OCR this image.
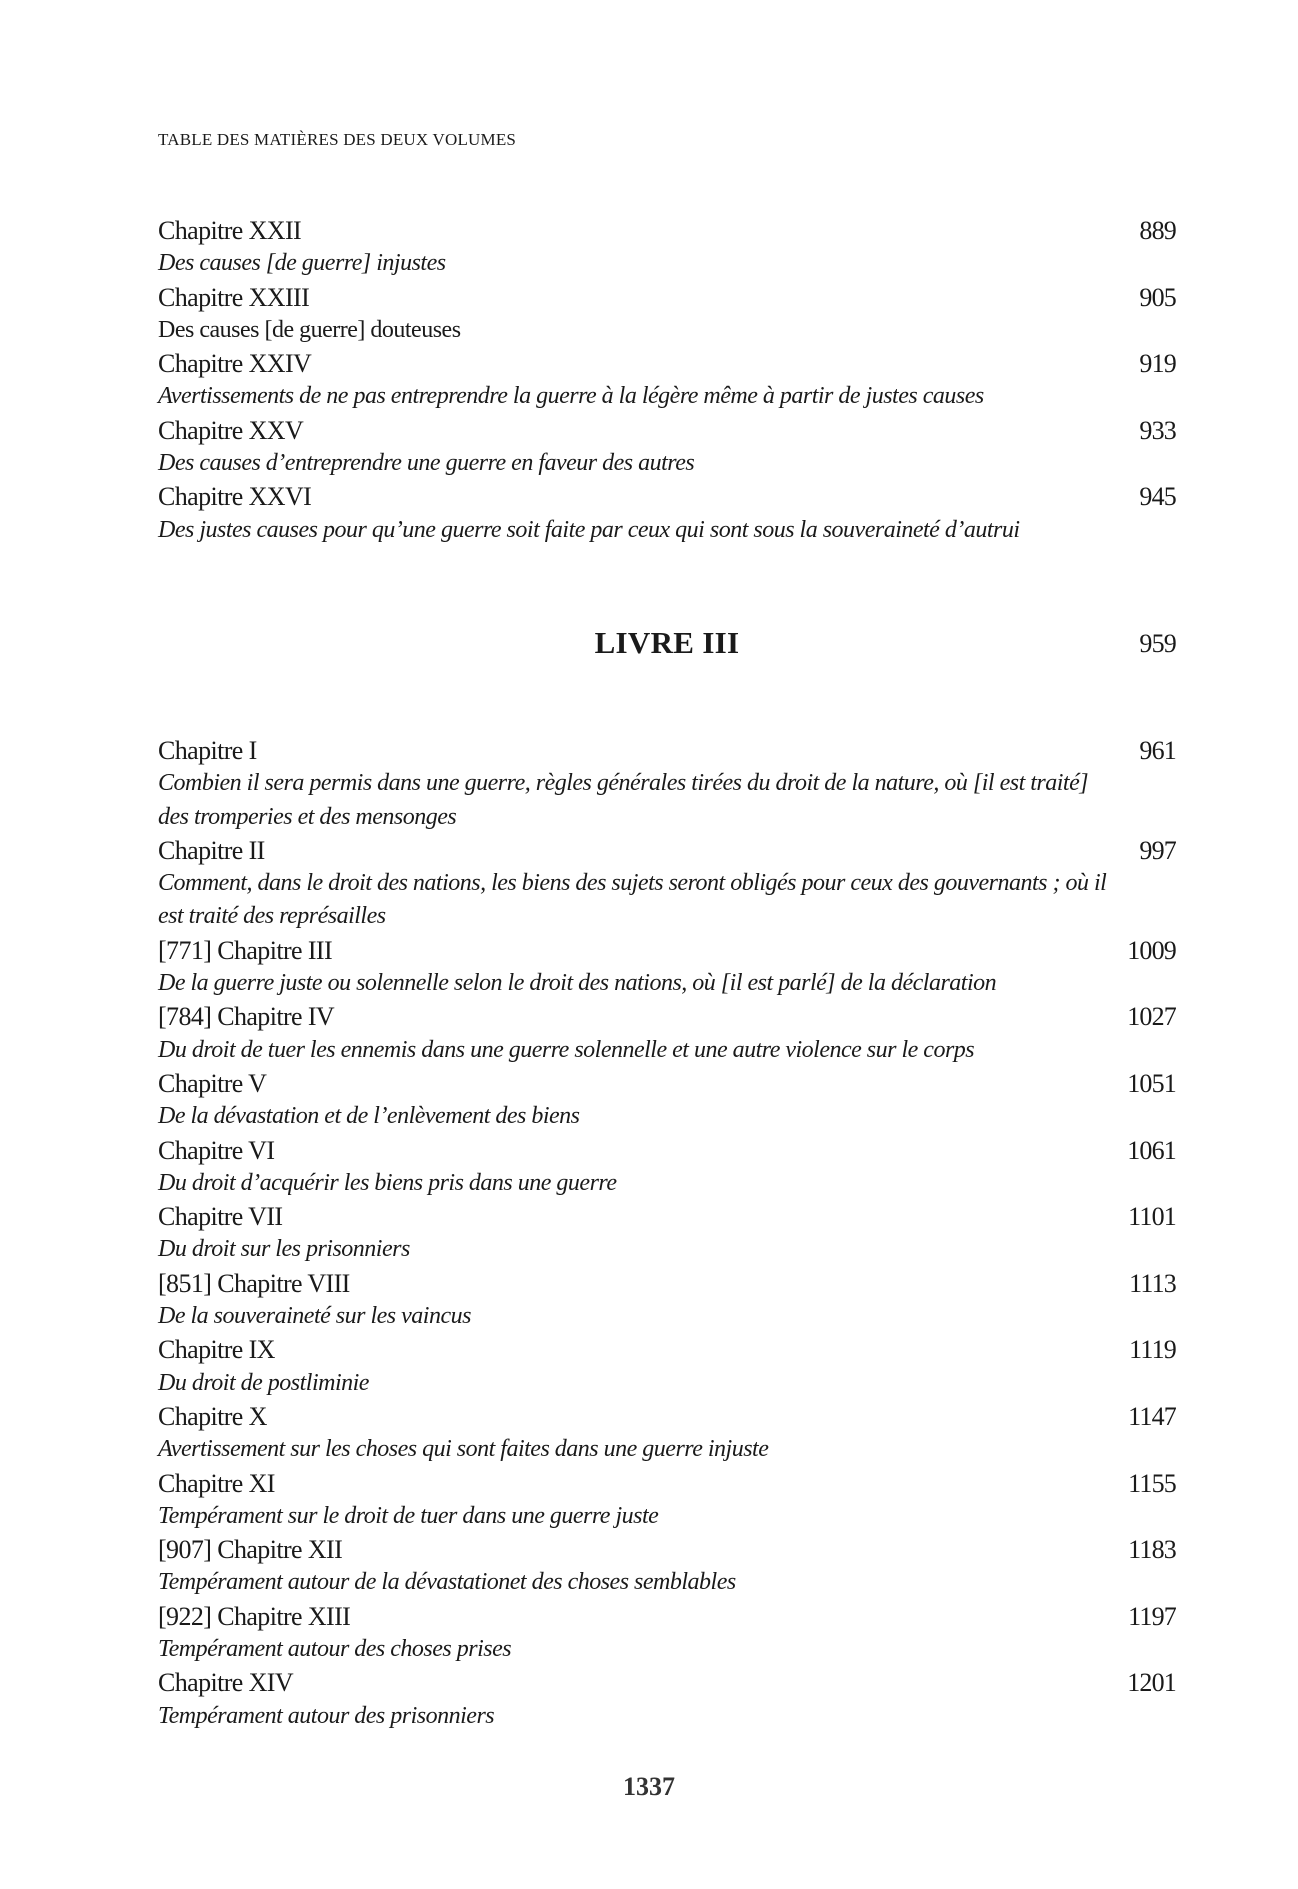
TABLE DES MATIÈRES DES DEUX VOLUMES
Chapitre XXII	889
Des causes [de guerre] injustes
Chapitre XXIII	905
Des causes [de guerre] douteuses
Chapitre XXIV	919
Avertissements de ne pas entreprendre la guerre à la légère même à partir de justes causes
Chapitre XXV	933
Des causes d’entreprendre une guerre en faveur des autres
Chapitre XXVI	945
Des justes causes pour qu’une guerre soit faite par ceux qui sont sous la souveraineté d’autrui
LIVRE III	959
Chapitre I	961
Combien il sera permis dans une guerre, règles générales tirées du droit de la nature, où [il est traité] des tromperies et des mensonges
Chapitre II	997
Comment, dans le droit des nations, les biens des sujets seront obligés pour ceux des gouvernants ; où il est traité des représailles
[771] Chapitre III	1009
De la guerre juste ou solennelle selon le droit des nations, où [il est parlé] de la déclaration
[784] Chapitre IV	1027
Du droit de tuer les ennemis dans une guerre solennelle et une autre violence sur le corps
Chapitre V	1051
De la dévastation et de l’enlèvement des biens
Chapitre VI	1061
Du droit d’acquérir les biens pris dans une guerre
Chapitre VII	1101
Du droit sur les prisonniers
[851] Chapitre VIII	1113
De la souveraineté sur les vaincus
Chapitre IX	1119
Du droit de postliminie
Chapitre X	1147
Avertissement sur les choses qui sont faites dans une guerre injuste
Chapitre XI	1155
Tempérament sur le droit de tuer dans une guerre juste
[907] Chapitre XII	1183
Tempérament autour de la dévastationet des choses semblables
[922] Chapitre XIII	1197
Tempérament autour des choses prises
Chapitre XIV	1201
Tempérament autour des prisonniers
1337
